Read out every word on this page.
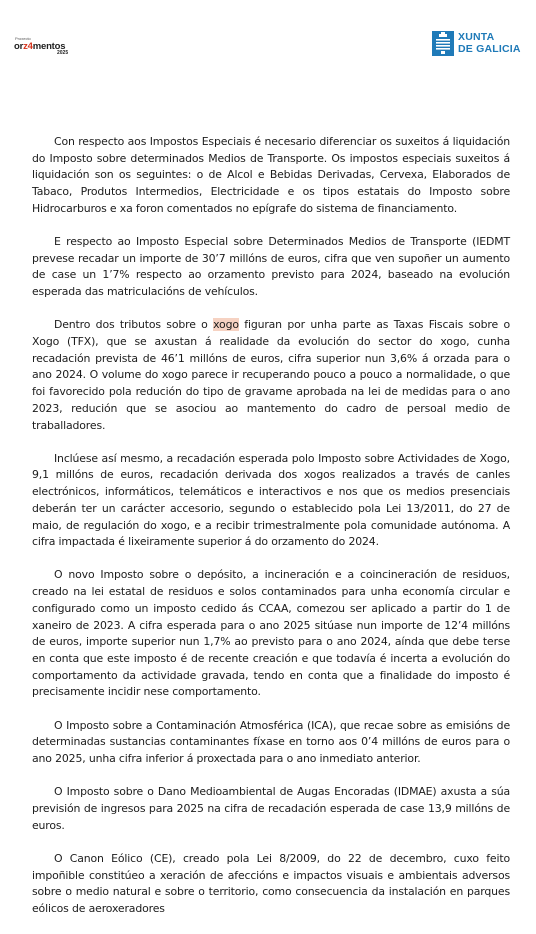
Proxecto
orz4mentos
2025
XUNTA
DE GALICIA

Con respecto aos Impostos Especiais é necesario diferenciar os suxeitos á liquidación do Imposto sobre determinados Medios de Transporte. Os impostos especiais suxeitos á liquidación son os seguintes: o de Alcol e Bebidas Derivadas, Cervexa, Elaborados de Tabaco, Produtos Intermedios, Electricidade e os tipos estatais do Imposto sobre Hidrocarburos e xa foron comentados no epígrafe do sistema de financiamento.

E respecto ao Imposto Especial sobre Determinados Medios de Transporte (IEDMT prevese recadar un importe de 30’7 millóns de euros, cifra que ven supoñer un aumento de case un 1’7% respecto ao orzamento previsto para 2024, baseado na evolución esperada das matriculacións de vehículos.

Dentro dos tributos sobre o xogo figuran por unha parte as Taxas Fiscais sobre o Xogo (TFX), que se axustan á realidade da evolución do sector do xogo, cunha recadación prevista de 46’1 millóns de euros, cifra superior nun 3,6% á orzada para o ano 2024. O volume do xogo parece ir recuperando pouco a pouco a normalidade, o que foi favorecido pola redución do tipo de gravame aprobada na lei de medidas para o ano 2023, redución que se asociou ao mantemento do cadro de persoal medio de traballadores.

Inclúese así mesmo, a recadación esperada polo Imposto sobre Actividades de Xogo, 9,1 millóns de euros, recadación derivada dos xogos realizados a través de canles electrónicos, informáticos, telemáticos e interactivos e nos que os medios presenciais deberán ter un carácter accesorio, segundo o establecido pola Lei 13/2011, do 27 de maio, de regulación do xogo, e a recibir trimestralmente pola comunidade autónoma. A cifra impactada é lixeiramente superior á do orzamento do 2024.

O novo Imposto sobre o depósito, a incineración e a coincineración de residuos, creado na lei estatal de residuos e solos contaminados para unha economía circular e configurado como un imposto cedido ás CCAA, comezou ser aplicado a partir do 1 de xaneiro de 2023. A cifra esperada para o ano 2025 sitúase nun importe de 12’4 millóns de euros, importe superior nun 1,7% ao previsto para o ano 2024, aínda que debe terse en conta que este imposto é de recente creación e que todavía é incerta a evolución do comportamento da actividade gravada, tendo en conta que a finalidade do imposto é precisamente incidir nese comportamento.

O Imposto sobre a Contaminación Atmosférica (ICA), que recae sobre as emisións de determinadas sustancias contaminantes fíxase en torno aos 0’4 millóns de euros para o ano 2025, unha cifra inferior á proxectada para o ano inmediato anterior.

O Imposto sobre o Dano Medioambiental de Augas Encoradas (IDMAE) axusta a súa previsión de ingresos para 2025 na cifra de recadación esperada de case 13,9 millóns de euros.

O Canon Eólico (CE), creado pola Lei 8/2009, do 22 de decembro, cuxo feito impoñible constitúeo a xeración de afeccións e impactos visuais e ambientais adversos sobre o medio natural e sobre o territorio, como consecuencia da instalación en parques eólicos de aeroxeradores
